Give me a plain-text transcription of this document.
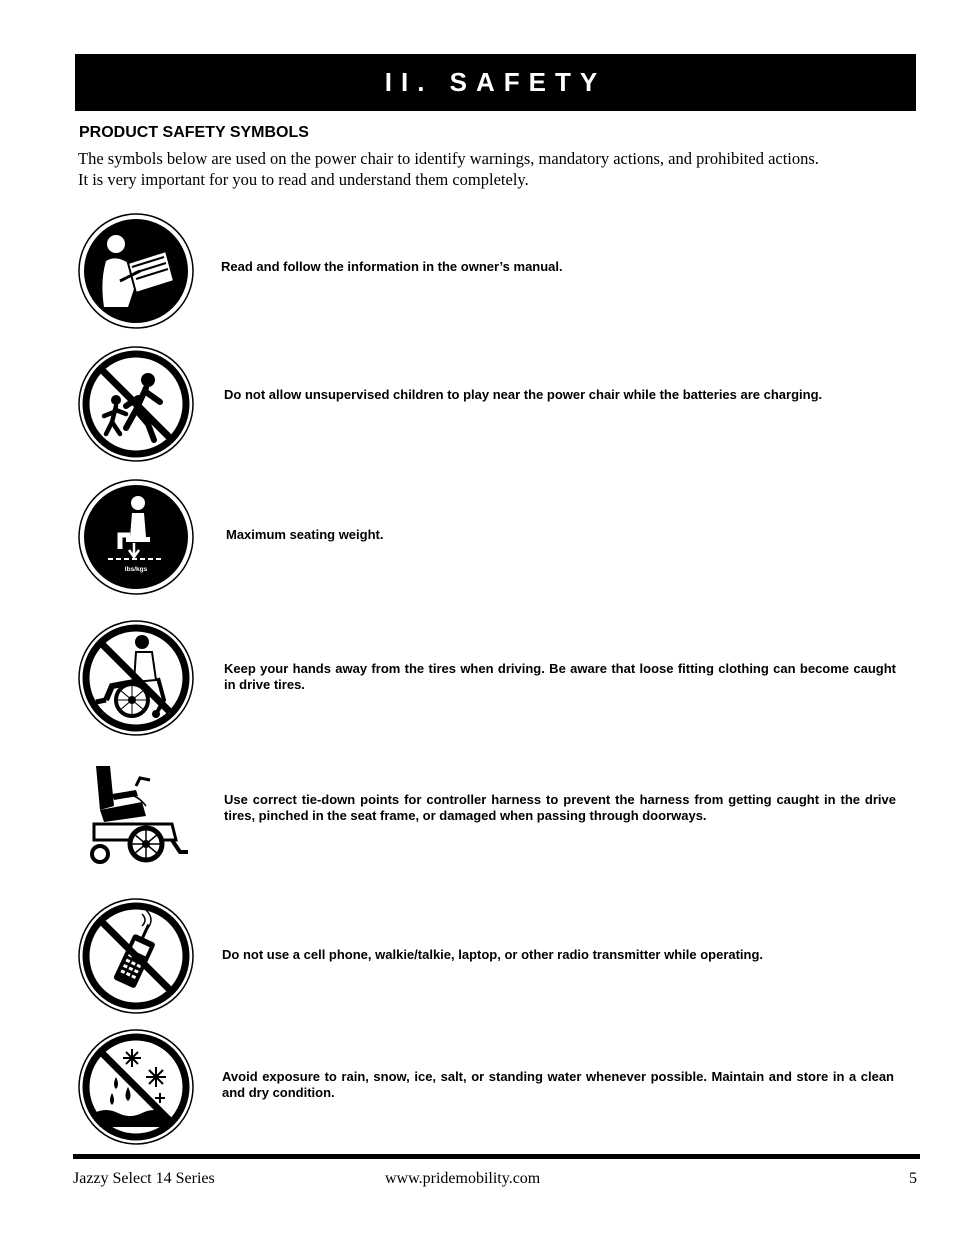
II. SAFETY
PRODUCT SAFETY SYMBOLS
The symbols below are used on the power chair to identify warnings, mandatory actions, and prohibited actions.
It is very important for you to read and understand them completely.
Read and follow the information in the owner’s manual.
Do not allow unsupervised children to play near the power chair while the batteries are charging.
lbs/kgs
Maximum seating weight.
Keep your hands away from the tires when driving. Be aware that loose fitting clothing can become caught in drive tires.
Use correct tie-down points for controller harness to prevent the harness from getting caught in the drive tires, pinched in the seat frame, or damaged when passing through doorways.
Do not use a cell phone, walkie/talkie, laptop, or other radio transmitter while operating.
Avoid exposure to rain, snow, ice, salt, or standing water whenever possible. Maintain and store in a clean and dry condition.
Jazzy Select 14 Series	www.pridemobility.com	5
